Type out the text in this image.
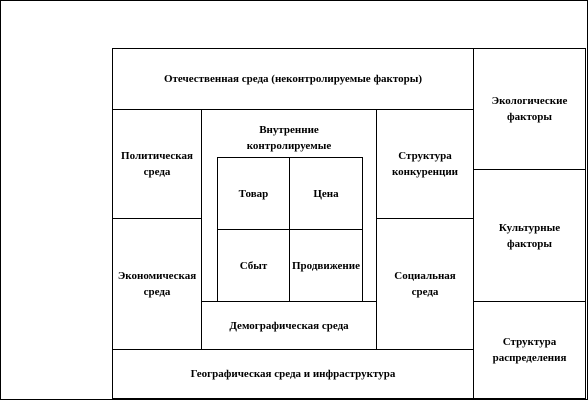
Отечественная среда (неконтролируемые факторы)
Экологические факторы
Культурные факторы
Структура распределения
Политическая среда
Экономическая среда
Внутренние контролируемые
Товар	Цена
Сбыт Продвижение
Структура конкуренции
Социальная среда
Демографическая среда
Географическая среда и инфраструктура
